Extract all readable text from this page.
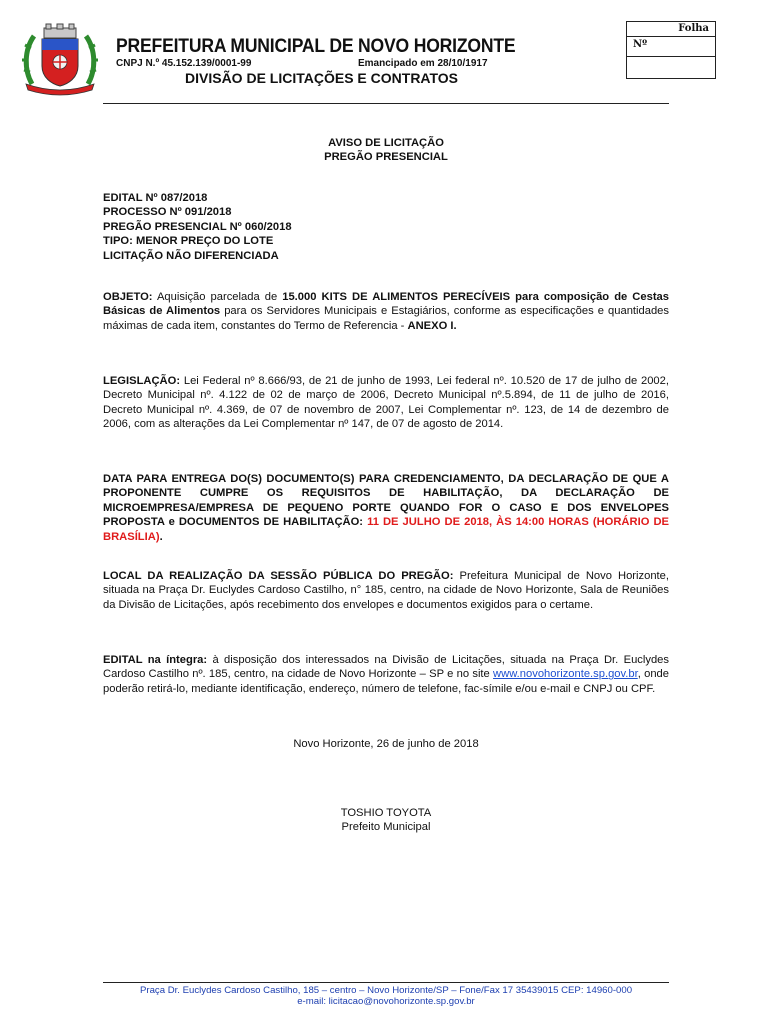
PREFEITURA MUNICIPAL DE NOVO HORIZONTE
CNPJ N.º 45.152.139/0001-99	Emancipado em 28/10/1917
DIVISÃO DE LICITAÇÕES E CONTRATOS
Folha
Nº
AVISO DE LICITAÇÃO
PREGÃO PRESENCIAL
EDITAL Nº 087/2018
PROCESSO Nº 091/2018
PREGÃO PRESENCIAL Nº 060/2018
TIPO: MENOR PREÇO DO LOTE
LICITAÇÃO NÃO DIFERENCIADA

OBJETO: Aquisição parcelada de 15.000 KITS DE ALIMENTOS PERECÍVEIS para composição de Cestas Básicas de Alimentos para os Servidores Municipais e Estagiários, conforme as especificações e quantidades máximas de cada item, constantes do Termo de Referencia - ANEXO I.

LEGISLAÇÃO: Lei Federal nº 8.666/93, de 21 de junho de 1993, Lei federal nº. 10.520 de 17 de julho de 2002, Decreto Municipal nº. 4.122 de 02 de março de 2006, Decreto Municipal nº.5.894, de 11 de julho de 2016, Decreto Municipal nº. 4.369, de 07 de novembro de 2007, Lei Complementar nº. 123, de 14 de dezembro de 2006, com as alterações da Lei Complementar nº 147, de 07 de agosto de 2014.

DATA PARA ENTREGA DO(S) DOCUMENTO(S) PARA CREDENCIAMENTO, DA DECLARAÇÃO DE QUE A PROPONENTE CUMPRE OS REQUISITOS DE HABILITAÇÃO, DA DECLARAÇÃO DE MICROEMPRESA/EMPRESA DE PEQUENO PORTE QUANDO FOR O CASO E DOS ENVELOPES PROPOSTA e DOCUMENTOS DE HABILITAÇÃO: 11 DE JULHO DE 2018, ÀS 14:00 HORAS (HORÁRIO DE BRASÍLIA).

LOCAL DA REALIZAÇÃO DA SESSÃO PÚBLICA DO PREGÃO: Prefeitura Municipal de Novo Horizonte, situada na Praça Dr. Euclydes Cardoso Castilho, n° 185, centro, na cidade de Novo Horizonte, Sala de Reuniões da Divisão de Licitações, após recebimento dos envelopes e documentos exigidos para o certame.

EDITAL na íntegra: à disposição dos interessados na Divisão de Licitações, situada na Praça Dr. Euclydes Cardoso Castilho nº. 185, centro, na cidade de Novo Horizonte – SP e no site www.novohorizonte.sp.gov.br, onde poderão retirá-lo, mediante identificação, endereço, número de telefone, fac-símile e/ou e-mail e CNPJ ou CPF.

Novo Horizonte, 26 de junho de 2018
TOSHIO TOYOTA
Prefeito Municipal
Praça Dr. Euclydes Cardoso Castilho, 185 – centro – Novo Horizonte/SP – Fone/Fax 17 35439015 CEP: 14960-000
e-mail: licitacao@novohorizonte.sp.gov.br
